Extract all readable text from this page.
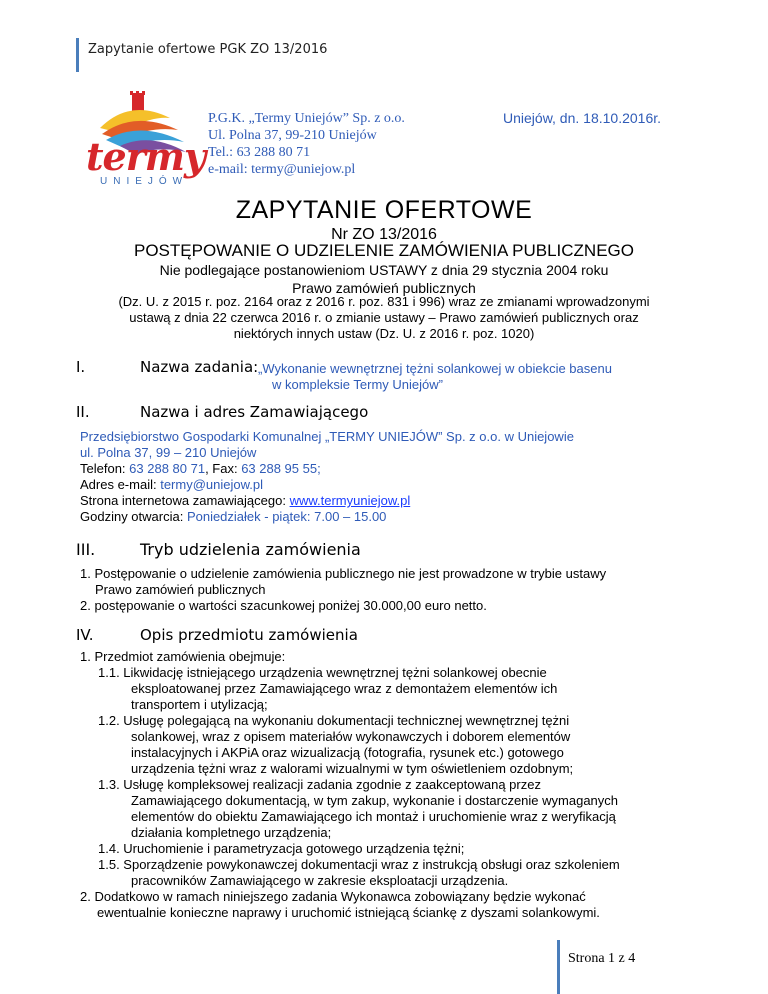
Zapytanie ofertowe PGK ZO 13/2016
termy
UNIEJÓW
P.G.K. „Termy Uniejów” Sp. z o.o.
Ul. Polna 37, 99-210 Uniejów
Tel.: 63 288 80 71
e-mail: termy@uniejow.pl
Uniejów, dn. 18.10.2016r.
ZAPYTANIE OFERTOWE
Nr ZO 13/2016
POSTĘPOWANIE O UDZIELENIE ZAMÓWIENIA PUBLICZNEGO
Nie podlegające postanowieniom USTAWY z dnia 29 stycznia 2004 roku
Prawo zamówień publicznych
(Dz. U. z 2015 r. poz. 2164 oraz z 2016 r. poz. 831 i 996) wraz ze zmianami wprowadzonymi
ustawą z dnia 22 czerwca 2016 r. o zmianie ustawy – Prawo zamówień publicznych oraz
niektórych innych ustaw (Dz. U. z 2016 r. poz. 1020)
I.	Nazwa zadania: „Wykonanie wewnętrznej tężni solankowej w obiekcie basenu
w kompleksie Termy Uniejów”
II.	Nazwa i adres Zamawiającego
Przedsiębiorstwo Gospodarki Komunalnej „TERMY UNIEJÓW” Sp. z o.o. w Uniejowie
ul. Polna 37, 99 – 210 Uniejów
Telefon: 63 288 80 71, Fax: 63 288 95 55;
Adres e-mail: termy@uniejow.pl
Strona internetowa zamawiającego: www.termyuniejow.pl
Godziny otwarcia: Poniedziałek - piątek: 7.00 – 15.00
III.	Tryb udzielenia zamówienia
1. Postępowanie o udzielenie zamówienia publicznego nie jest prowadzone w trybie ustawy
Prawo zamówień publicznych
2. postępowanie o wartości szacunkowej poniżej 30.000,00 euro netto.
IV.	Opis przedmiotu zamówienia
1. Przedmiot zamówienia obejmuje:
1.1. Likwidację istniejącego urządzenia wewnętrznej tężni solankowej obecnie
eksploatowanej przez Zamawiającego wraz z demontażem elementów ich
transportem i utylizacją;
1.2. Usługę polegającą na wykonaniu dokumentacji technicznej wewnętrznej tężni
solankowej, wraz z opisem materiałów wykonawczych i doborem elementów
instalacyjnych i AKPiA oraz wizualizacją (fotografia, rysunek etc.) gotowego
urządzenia tężni wraz z walorami wizualnymi w tym oświetleniem ozdobnym;
1.3. Usługę kompleksowej realizacji zadania zgodnie z zaakceptowaną przez
Zamawiającego dokumentacją, w tym zakup, wykonanie i dostarczenie wymaganych
elementów do obiektu Zamawiającego ich montaż i uruchomienie wraz z weryfikacją
działania kompletnego urządzenia;
1.4. Uruchomienie i parametryzacja gotowego urządzenia tężni;
1.5. Sporządzenie powykonawczej dokumentacji wraz z instrukcją obsługi oraz szkoleniem
pracowników Zamawiającego w zakresie eksploatacji urządzenia.
2. Dodatkowo w ramach niniejszego zadania Wykonawca zobowiązany będzie wykonać
ewentualnie konieczne naprawy i uruchomić istniejącą ściankę z dyszami solankowymi.
Strona 1 z 4
